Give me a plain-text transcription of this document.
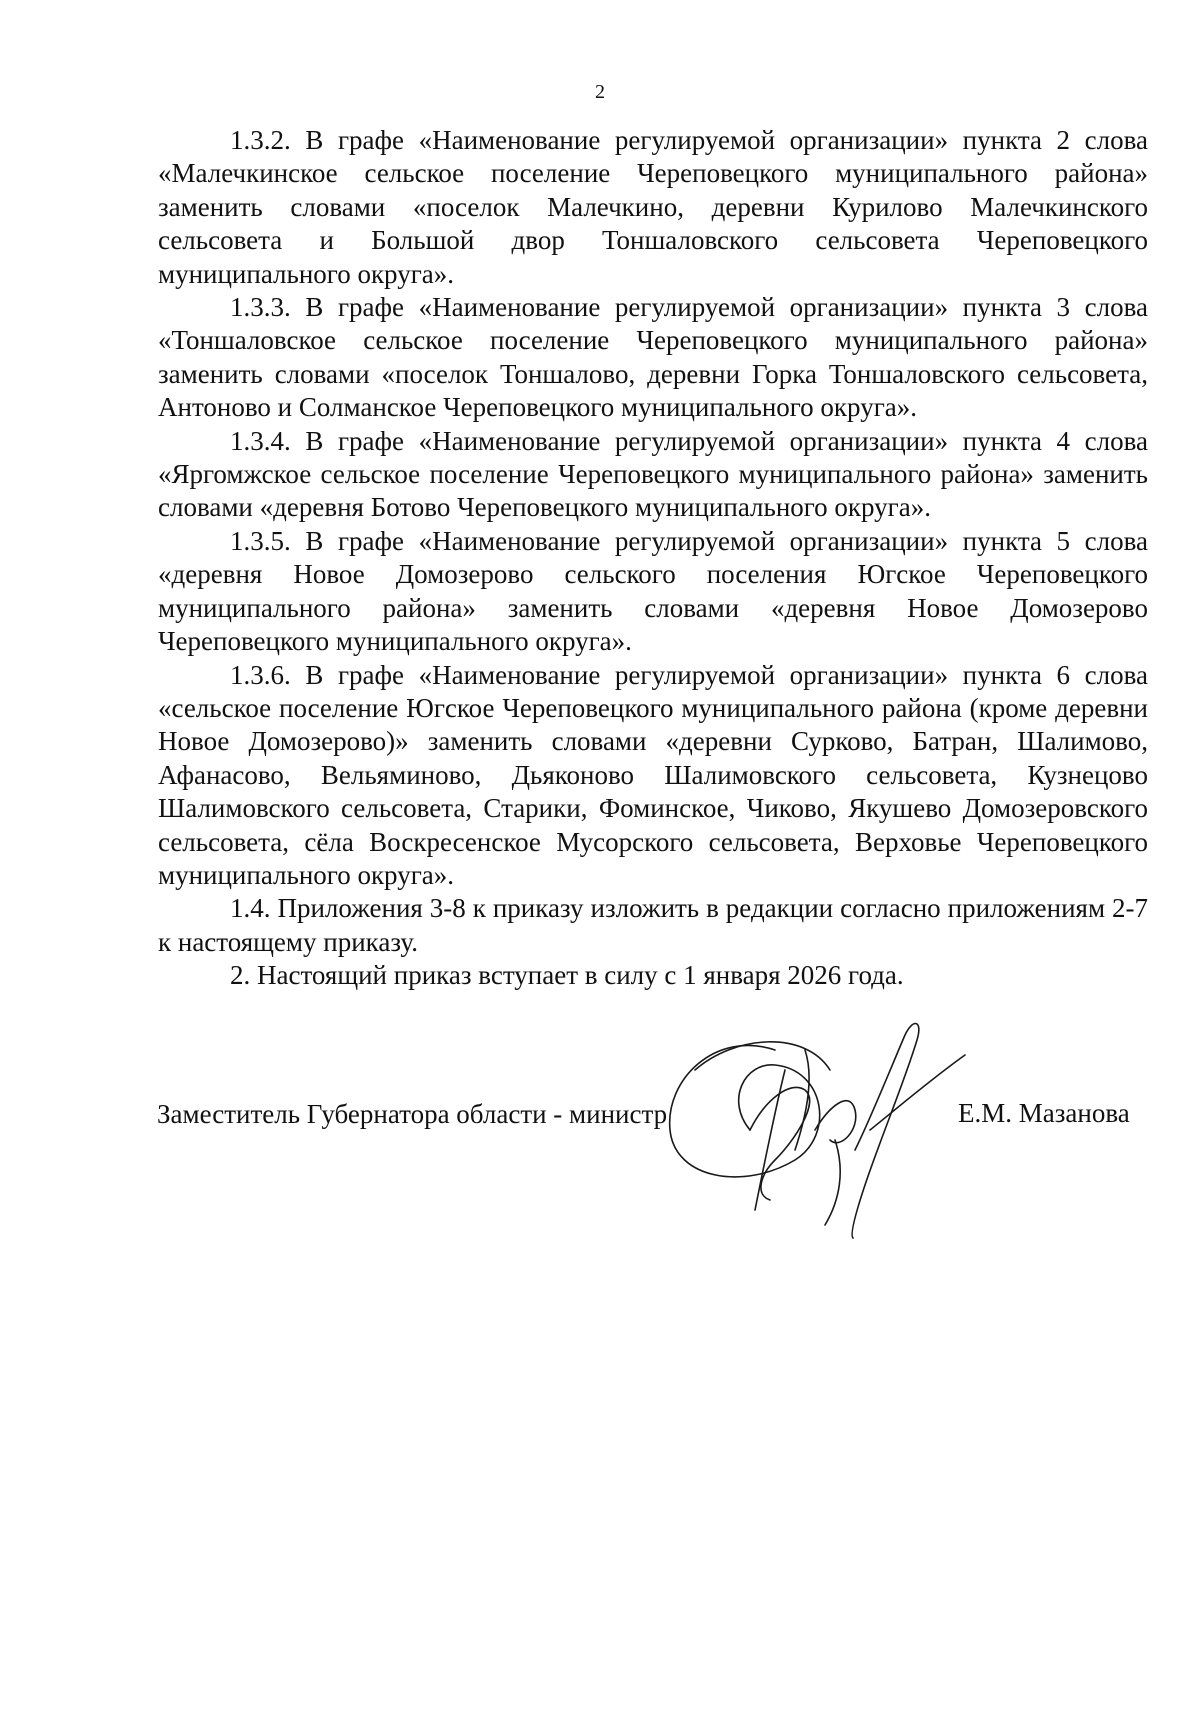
2

1.3.2. В графе «Наименование регулируемой организации» пункта 2 слова «Малечкинское сельское поселение Череповецкого муниципального района» заменить словами «поселок Малечкино, деревни Курилово Малечкинского сельсовета и Большой двор Тоншаловского сельсовета Череповецкого муниципального округа».

1.3.3. В графе «Наименование регулируемой организации» пункта 3 слова «Тоншаловское сельское поселение Череповецкого муниципального района» заменить словами «поселок Тоншалово, деревни Горка Тоншаловского сельсовета, Антоново и Солманское Череповецкого муниципального округа».

1.3.4. В графе «Наименование регулируемой организации» пункта 4 слова «Яргомжское сельское поселение Череповецкого муниципального района» заменить словами «деревня Ботово Череповецкого муниципального округа».

1.3.5. В графе «Наименование регулируемой организации» пункта 5 слова «деревня Новое Домозерово сельского поселения Югское Череповецкого муниципального района» заменить словами «деревня Новое Домозерово Череповецкого муниципального округа».

1.3.6. В графе «Наименование регулируемой организации» пункта 6 слова «сельское поселение Югское Череповецкого муниципального района (кроме деревни Новое Домозерово)» заменить словами «деревни Сурково, Батран, Шалимово, Афанасово, Вельяминово, Дьяконово Шалимовского сельсовета, Кузнецово Шалимовского сельсовета, Старики, Фоминское, Чиково, Якушево Домозеровского сельсовета, сёла Воскресенское Мусорского сельсовета, Верховье Череповецкого муниципального округа».

1.4. Приложения 3-8 к приказу изложить в редакции согласно приложениям 2-7 к настоящему приказу.

2. Настоящий приказ вступает в силу с 1 января 2026 года.

Заместитель Губернатора области - министр	Е.М. Мазанова
